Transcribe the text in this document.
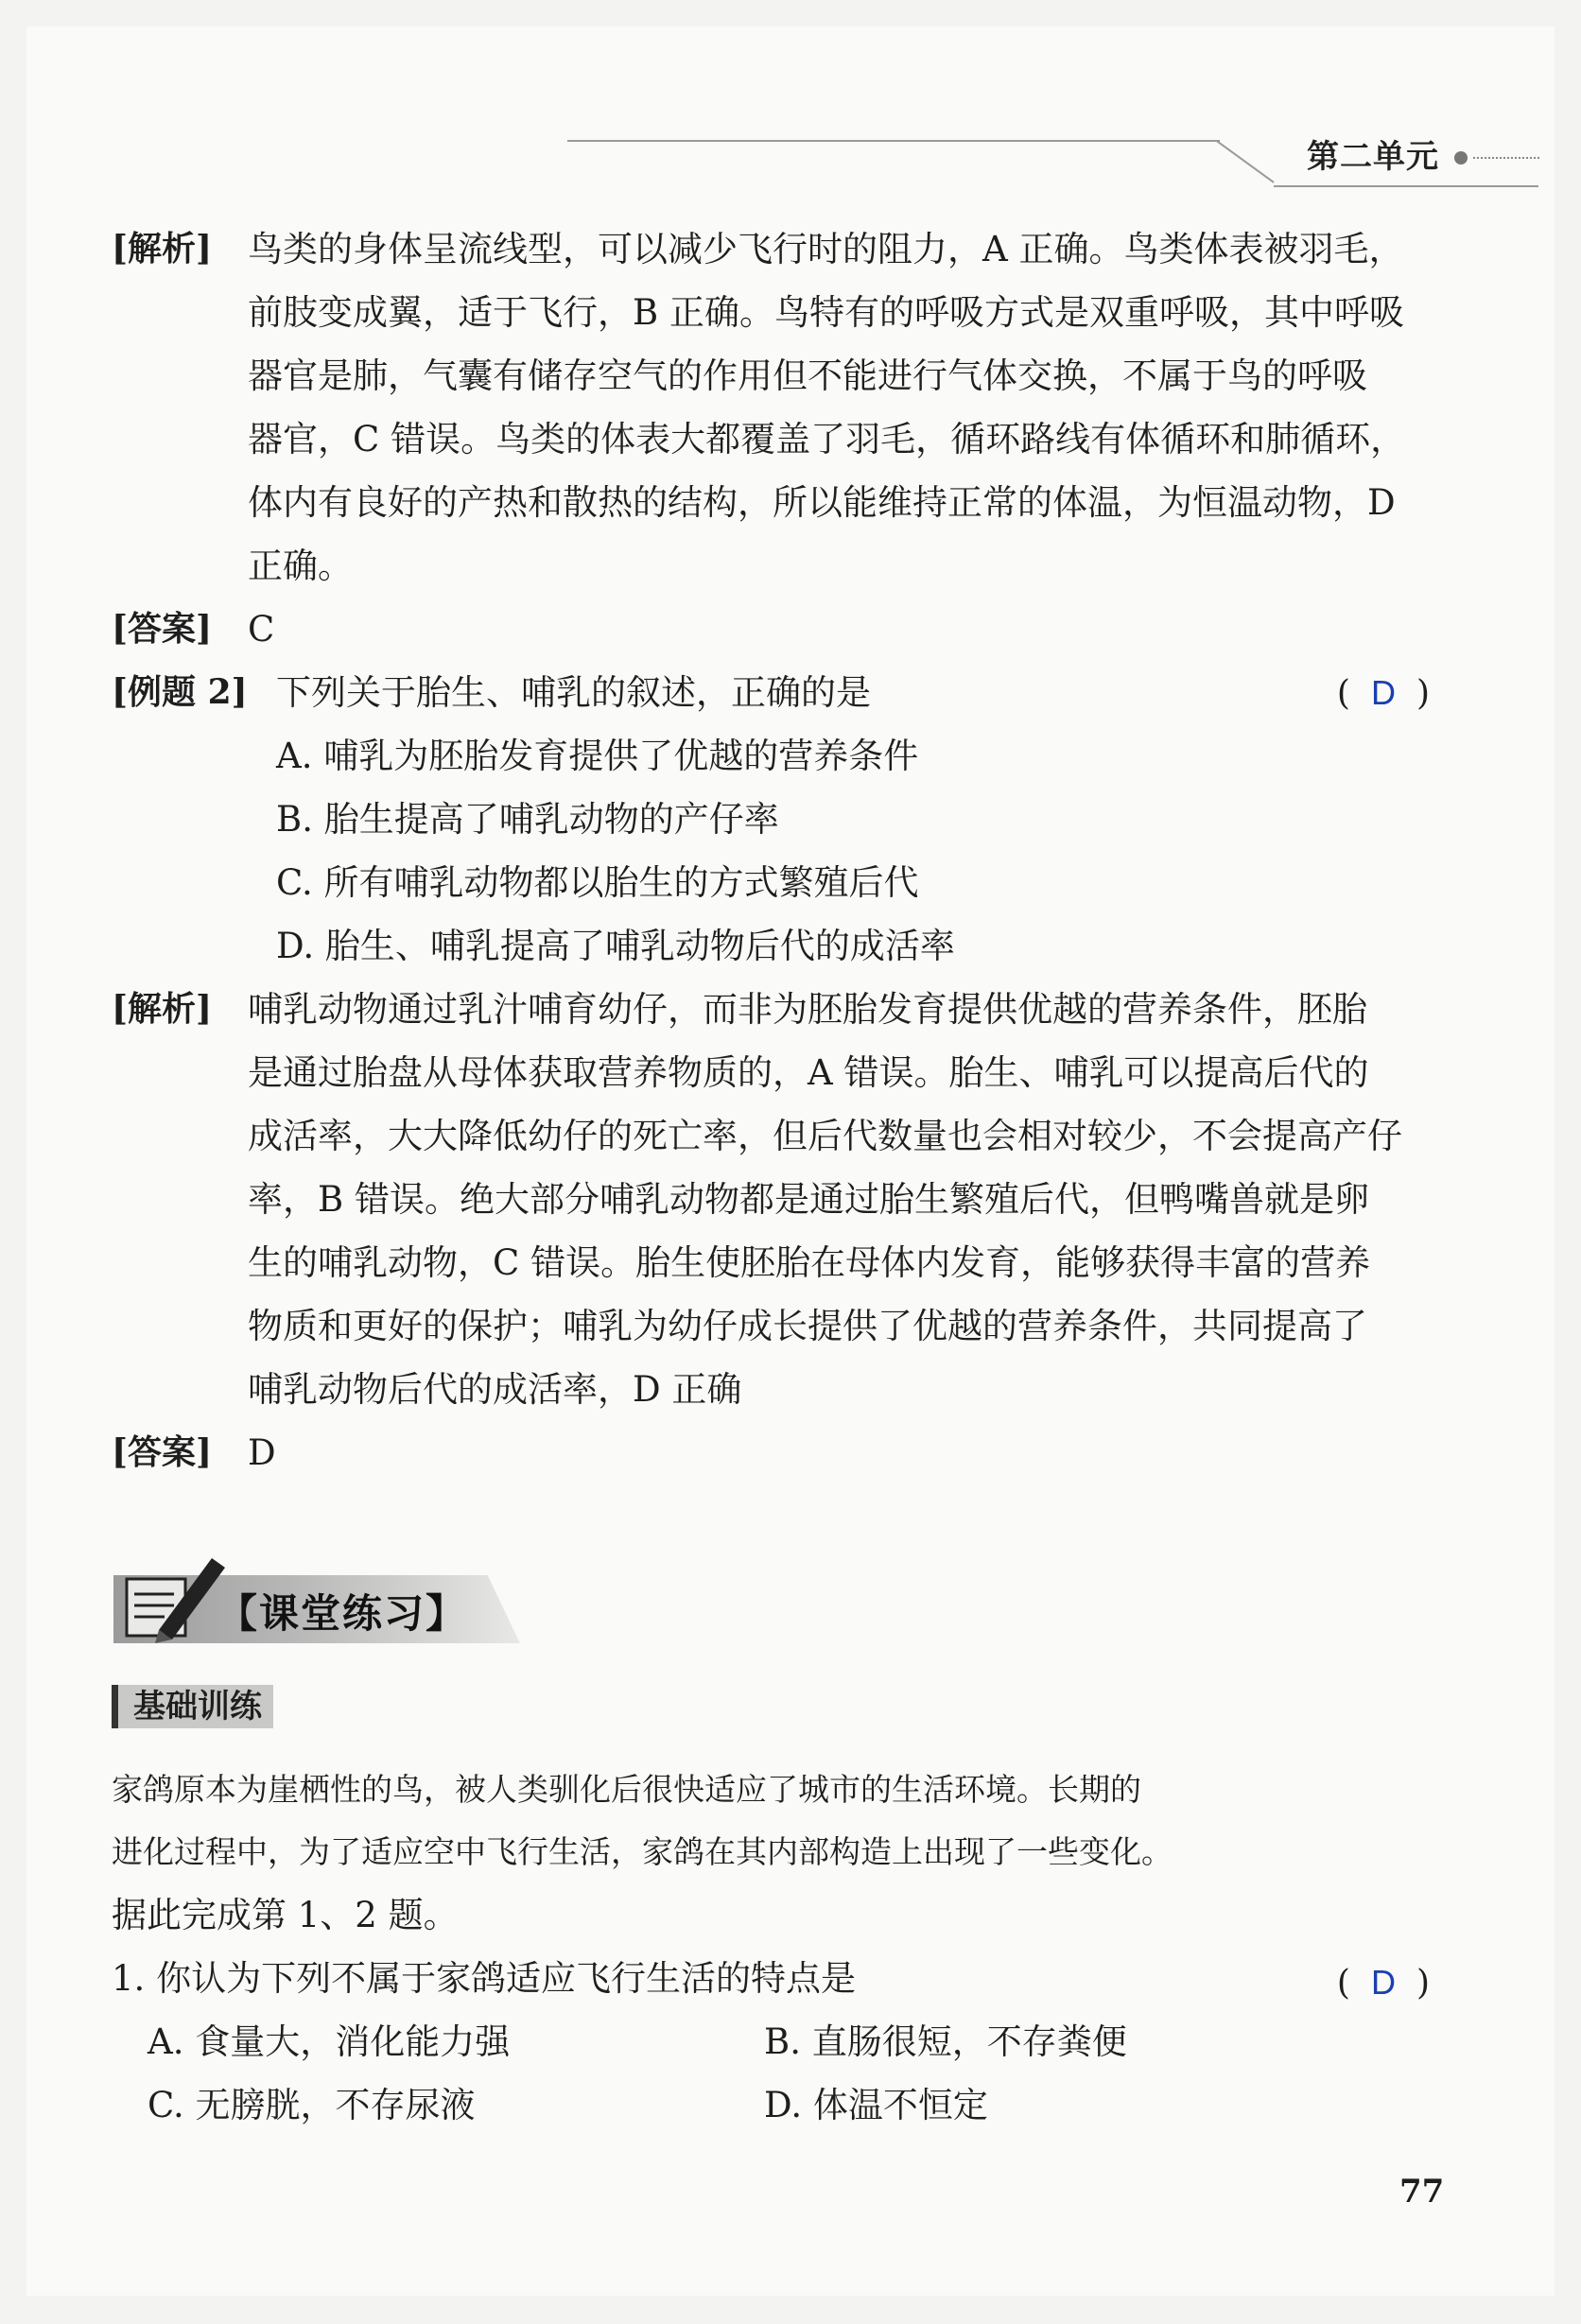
第二单元
[解析] 鸟类的身体呈流线型，可以减少飞行时的阻力，A 正确。鸟类体表被羽毛，
前肢变成翼，适于飞行，B 正确。鸟特有的呼吸方式是双重呼吸，其中呼吸
器官是肺，气囊有储存空气的作用但不能进行气体交换，不属于鸟的呼吸
器官，C 错误。鸟类的体表大都覆盖了羽毛，循环路线有体循环和肺循环，
体内有良好的产热和散热的结构，所以能维持正常的体温，为恒温动物，D
正确。
[答案] C
[例题 2] 下列关于胎生、哺乳的叙述，正确的是	( D )
A. 哺乳为胚胎发育提供了优越的营养条件
B. 胎生提高了哺乳动物的产仔率
C. 所有哺乳动物都以胎生的方式繁殖后代
D. 胎生、哺乳提高了哺乳动物后代的成活率
[解析] 哺乳动物通过乳汁哺育幼仔，而非为胚胎发育提供优越的营养条件，胚胎
是通过胎盘从母体获取营养物质的，A 错误。胎生、哺乳可以提高后代的
成活率，大大降低幼仔的死亡率，但后代数量也会相对较少，不会提高产仔
率，B 错误。绝大部分哺乳动物都是通过胎生繁殖后代，但鸭嘴兽就是卵
生的哺乳动物，C 错误。胎生使胚胎在母体内发育，能够获得丰富的营养
物质和更好的保护；哺乳为幼仔成长提供了优越的营养条件，共同提高了
哺乳动物后代的成活率，D 正确
[答案] D
【课堂练习】
基础训练
家鸽原本为崖栖性的鸟，被人类驯化后很快适应了城市的生活环境。长期的
进化过程中，为了适应空中飞行生活，家鸽在其内部构造上出现了一些变化。
据此完成第 1、2 题。
1. 你认为下列不属于家鸽适应飞行生活的特点是	( D )
A. 食量大，消化能力强	B. 直肠很短，不存粪便
C. 无膀胱，不存尿液	D. 体温不恒定
77
